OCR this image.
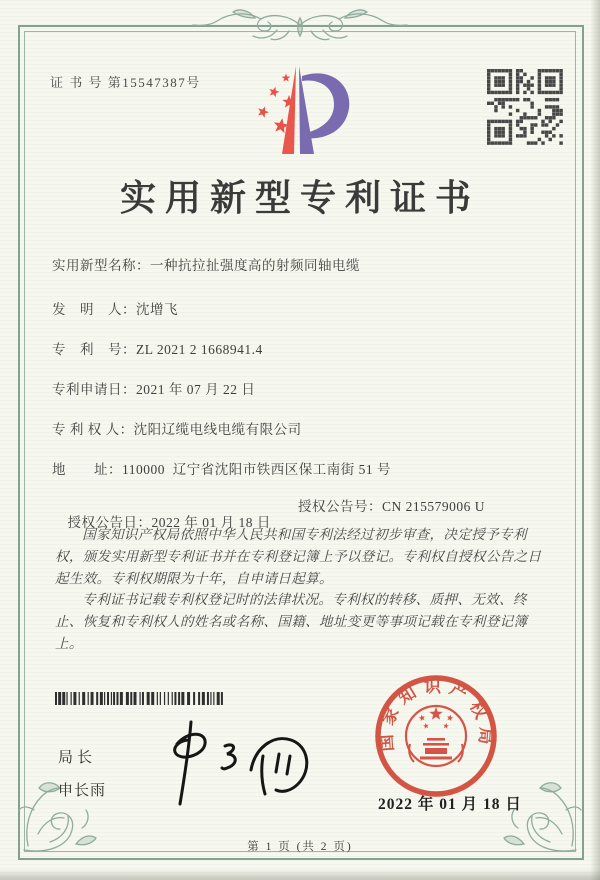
证 书 号 第15547387号
实用新型专利证书
实用新型名称：一种抗拉扯强度高的射频同轴电缆
发　明　人：沈增飞
专　利　号：ZL 2021 2 1668941.4
专利申请日：2021 年 07 月 22 日
专 利 权 人：沈阳辽缆电线电缆有限公司
地　　址：110000  辽宁省沈阳市铁西区保工南街 51 号

授权公告日：2022 年 01 月 18 日

授权公告号：CN 215579006 U

国家知识产权局依照中华人民共和国专利法经过初步审查，决定授予专利权，颁发实用新型专利证书并在专利登记簿上予以登记。专利权自授权公告之日起生效。专利权期限为十年，自申请日起算。

专利证书记载专利权登记时的法律状况。专利权的转移、质押、无效、终止、恢复和专利权人的姓名或名称、国籍、地址变更等事项记载在专利登记簿上。

局长
申长雨
国家知识产权局
2022 年 01 月 18 日
第 1 页 (共 2 页)
